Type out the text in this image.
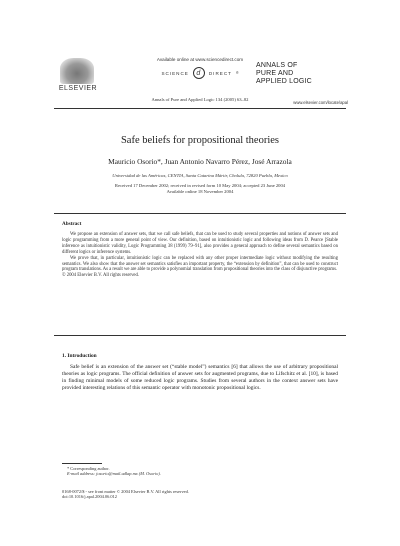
ELSEVIER
Available online at www.sciencedirect.com
SCIENCE	d	DIRECT ®
Annals of Pure and Applied Logic 134 (2005) 63–82
ANNALS OF
PURE AND
APPLIED LOGIC
www.elsevier.com/locate/apal
Safe beliefs for propositional theories
Mauricio Osorio*, Juan Antonio Navarro Pérez, José Arrazola
Universidad de las Américas, CENTIA, Santa Catarina Mártir, Cholula, 72820 Puebla, Mexico
Received 17 December 2002; received in revised form 10 May 2004; accepted 23 June 2004
Available online 18 November 2004
Abstract

We propose an extension of answer sets, that we call safe beliefs, that can be used to study several properties and notions of answer sets and logic programming from a more general point of view. Our definition, based on intuitionistic logic and following ideas from D. Pearce [Stable inference as intuitionistic validity, Logic Programming 38 (1999) 79–91], also provides a general approach to define several semantics based on different logics or inference systems.

We prove that, in particular, intuitionistic logic can be replaced with any other proper intermediate logic without modifying the resulting semantics. We also show that the answer set semantics satisfies an important property, the “extension by definition”, that can be used to construct program translations. As a result we are able to provide a polynomial translation from propositional theories into the class of disjunctive programs.

© 2004 Elsevier B.V. All rights reserved.

1. Introduction

Safe belief is an extension of the answer set (“stable model”) semantics [6] that allows the use of arbitrary propositional theories as logic programs. The official definition of answer sets for augmented programs, due to Lifschitz et al. [10], is based in finding minimal models of some reduced logic programs. Studies from several authors in the context answer sets have provided interesting relations of this semantic operator with monotonic propositional logics.

* Corresponding author.
E-mail address: josorio@mail.udlap.mx (M. Osorio).
0168-0072/$ - see front matter © 2004 Elsevier B.V. All rights reserved.
doi:10.1016/j.apal.2004.06.012
